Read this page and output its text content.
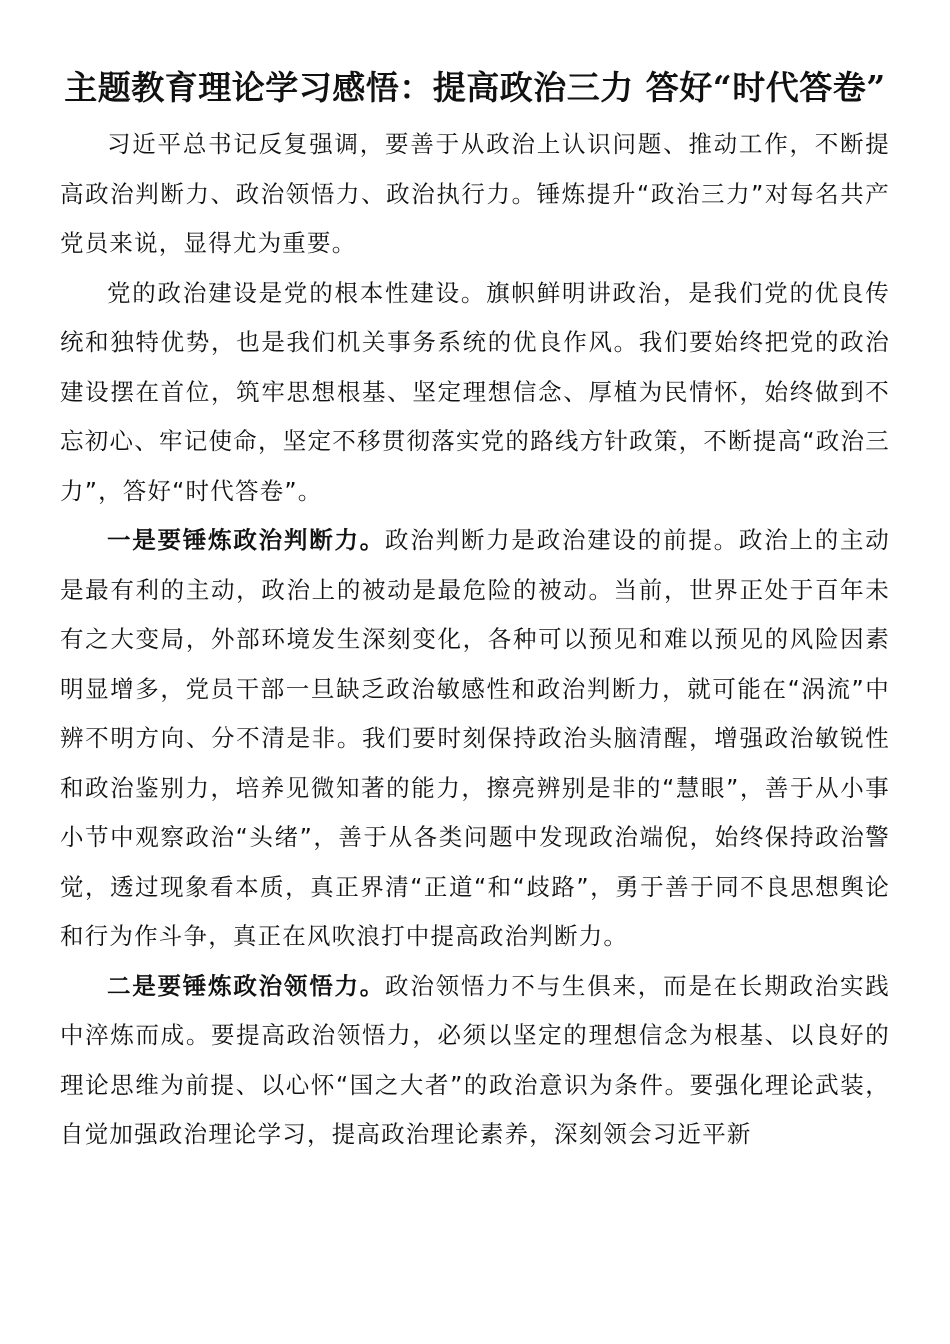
主题教育理论学习感悟：提高政治三力 答好“时代答卷”

习近平总书记反复强调，要善于从政治上认识问题、推动工作，不断提高政治判断力、政治领悟力、政治执行力。锤炼提升“政治三力”对每名共产党员来说，显得尤为重要。

党的政治建设是党的根本性建设。旗帜鲜明讲政治，是我们党的优良传统和独特优势，也是我们机关事务系统的优良作风。我们要始终把党的政治建设摆在首位，筑牢思想根基、坚定理想信念、厚植为民情怀，始终做到不忘初心、牢记使命，坚定不移贯彻落实党的路线方针政策，不断提高“政治三力”，答好“时代答卷”。

一是要锤炼政治判断力。政治判断力是政治建设的前提。政治上的主动是最有利的主动，政治上的被动是最危险的被动。当前，世界正处于百年未有之大变局，外部环境发生深刻变化，各种可以预见和难以预见的风险因素明显增多，党员干部一旦缺乏政治敏感性和政治判断力，就可能在“涡流”中辨不明方向、分不清是非。我们要时刻保持政治头脑清醒，增强政治敏锐性和政治鉴别力，培养见微知著的能力，擦亮辨别是非的“慧眼”，善于从小事小节中观察政治“头绪”，善于从各类问题中发现政治端倪，始终保持政治警觉，透过现象看本质，真正界清“正道“和“歧路”，勇于善于同不良思想舆论和行为作斗争，真正在风吹浪打中提高政治判断力。

二是要锤炼政治领悟力。政治领悟力不与生俱来，而是在长期政治实践中淬炼而成。要提高政治领悟力，必须以坚定的理想信念为根基、以良好的理论思维为前提、以心怀“国之大者”的政治意识为条件。要强化理论武装，自觉加强政治理论学习，提高政治理论素养，深刻领会习近平新
